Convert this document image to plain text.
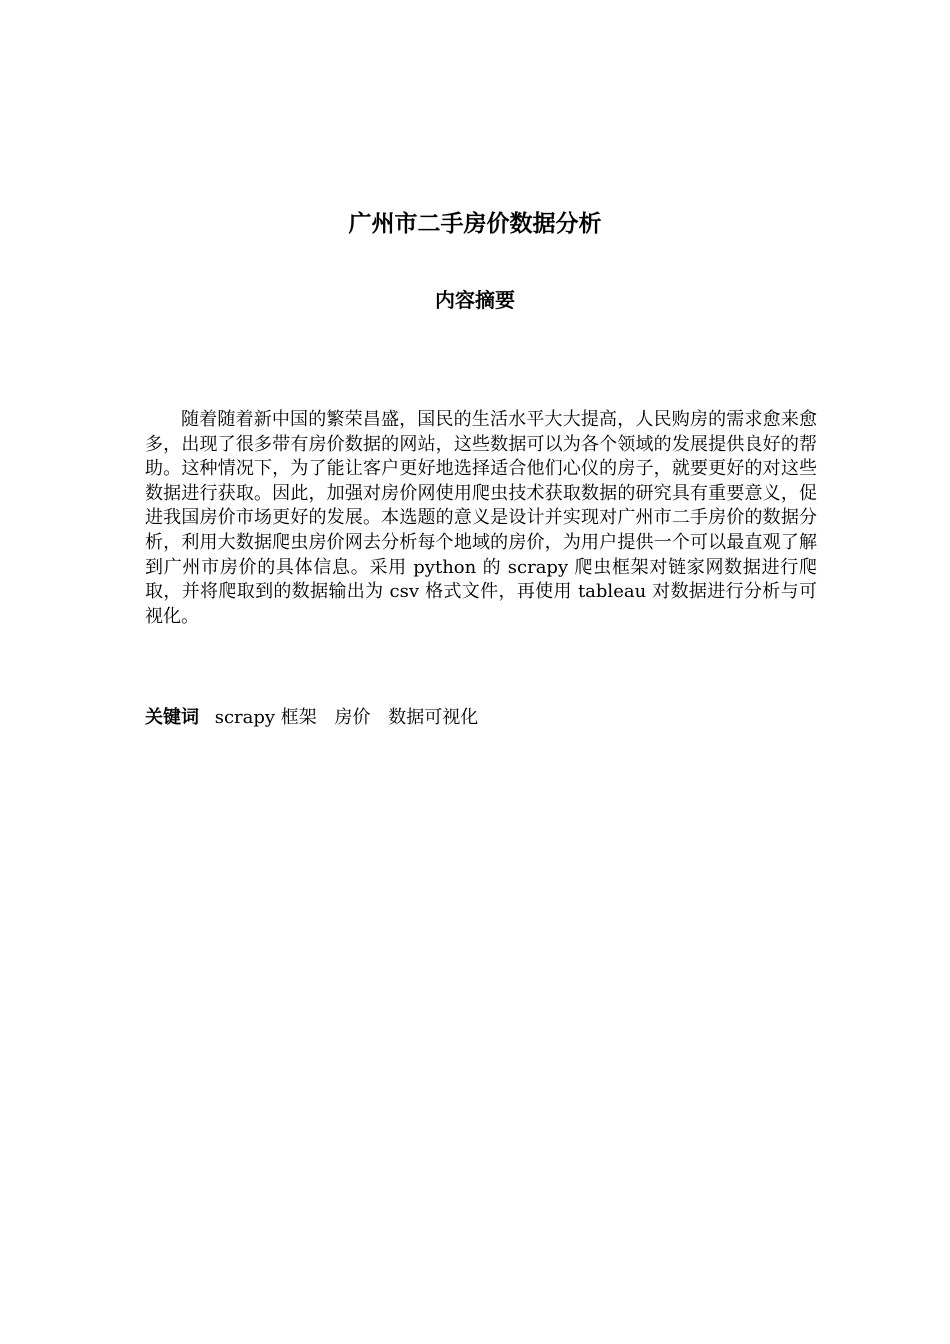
广州市二手房价数据分析
内容摘要

随着随着新中国的繁荣昌盛，国民的生活水平大大提高，人民购房的需求愈来愈多，出现了很多带有房价数据的网站，这些数据可以为各个领域的发展提供良好的帮助。这种情况下，为了能让客户更好地选择适合他们心仪的房子，就要更好的对这些数据进行获取。因此，加强对房价网使用爬虫技术获取数据的研究具有重要意义，促进我国房价市场更好的发展。本选题的意义是设计并实现对广州市二手房价的数据分析，利用大数据爬虫房价网去分析每个地域的房价，为用户提供一个可以最直观了解到广州市房价的具体信息。采用 python 的 scrapy 爬虫框架对链家网数据进行爬取，并将爬取到的数据输出为 csv 格式文件，再使用 tableau 对数据进行分析与可视化。

关键词 scrapy 框架 房价 数据可视化
